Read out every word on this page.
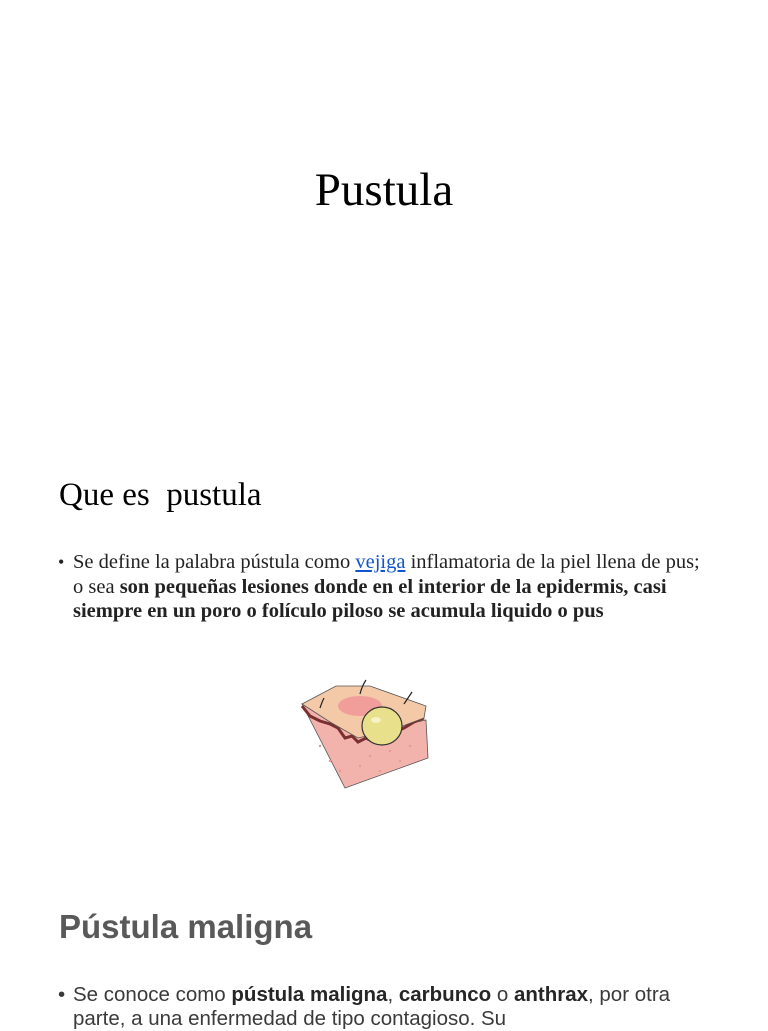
Pustula
Que es  pustula
• Se define la palabra pústula como vejiga inflamatoria de la piel llena de pus; o sea son pequeñas lesiones donde en el interior de la epidermis, casi siempre en un poro o folículo piloso se acumula liquido o pus
Pústula maligna
• Se conoce como pústula maligna, carbunco o anthrax, por otra parte, a una enfermedad de tipo contagioso. Su
